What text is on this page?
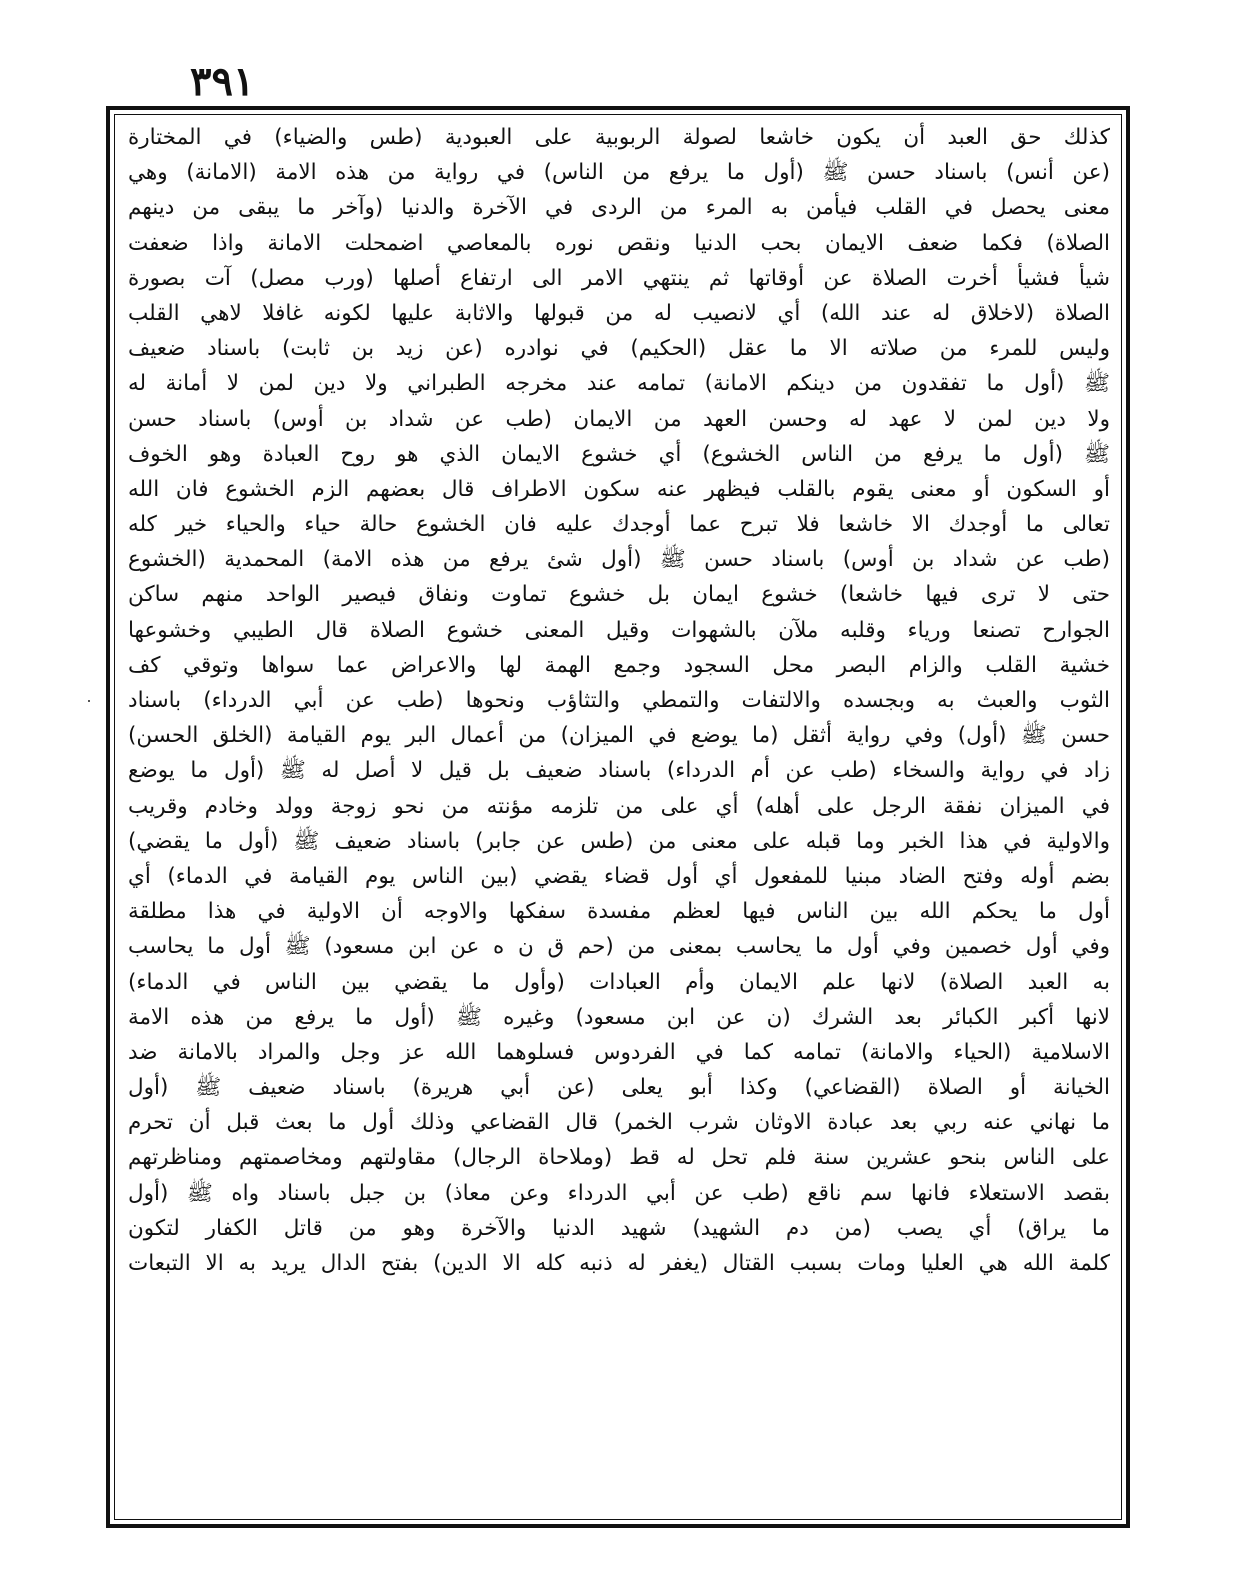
٣٩١
كذلك حق العبد أن يكون خاشعا لصولة الربوبية على العبودية (طس والضياء) في المختارة
(عن أنس) باسناد حسن ﷺ (أول ما يرفع من الناس) في رواية من هذه الامة (الامانة) وهي
معنى يحصل في القلب فيأمن به المرء من الردى في الآخرة والدنيا (وآخر ما يبقى من دينهم
الصلاة) فكما ضعف الايمان بحب الدنيا ونقص نوره بالمعاصي اضمحلت الامانة واذا ضعفت
شيأ فشيأ أخرت الصلاة عن أوقاتها ثم ينتهي الامر الى ارتفاع أصلها (ورب مصل) آت بصورة
الصلاة (لاخلاق له عند الله) أي لانصيب له من قبولها والاثابة عليها لكونه غافلا لاهي القلب
وليس للمرء من صلاته الا ما عقل (الحكيم) في نوادره (عن زيد بن ثابت) باسناد ضعيف
ﷺ (أول ما تفقدون من دينكم الامانة) تمامه عند مخرجه الطبراني ولا دين لمن لا أمانة له
ولا دين لمن لا عهد له وحسن العهد من الايمان (طب عن شداد بن أوس) باسناد حسن
ﷺ (أول ما يرفع من الناس الخشوع) أي خشوع الايمان الذي هو روح العبادة وهو الخوف
أو السكون أو معنى يقوم بالقلب فيظهر عنه سكون الاطراف قال بعضهم الزم الخشوع فان الله
تعالى ما أوجدك الا خاشعا فلا تبرح عما أوجدك عليه فان الخشوع حالة حياء والحياء خير كله
(طب عن شداد بن أوس) باسناد حسن ﷺ (أول شئ يرفع من هذه الامة) المحمدية (الخشوع
حتى لا ترى فيها خاشعا) خشوع ايمان بل خشوع تماوت ونفاق فيصير الواحد منهم ساكن
الجوارح تصنعا ورياء وقلبه ملآن بالشهوات وقيل المعنى خشوع الصلاة قال الطيبي وخشوعها
خشية القلب والزام البصر محل السجود وجمع الهمة لها والاعراض عما سواها وتوقي كف
الثوب والعبث به وبجسده والالتفات والتمطي والتثاؤب ونحوها (طب عن أبي الدرداء) باسناد
حسن ﷺ (أول) وفي رواية أثقل (ما يوضع في الميزان) من أعمال البر يوم القيامة (الخلق الحسن)
زاد في رواية والسخاء (طب عن أم الدرداء) باسناد ضعيف بل قيل لا أصل له ﷺ (أول ما يوضع
في الميزان نفقة الرجل على أهله) أي على من تلزمه مؤنته من نحو زوجة وولد وخادم وقريب
والاولية في هذا الخبر وما قبله على معنى من (طس عن جابر) باسناد ضعيف ﷺ (أول ما يقضي)
بضم أوله وفتح الضاد مبنيا للمفعول أي أول قضاء يقضي (بين الناس يوم القيامة في الدماء) أي
أول ما يحكم الله بين الناس فيها لعظم مفسدة سفكها والاوجه أن الاولية في هذا مطلقة
وفي أول خصمين وفي أول ما يحاسب بمعنى من (حم ق ن ه عن ابن مسعود) ﷺ أول ما يحاسب
به العبد الصلاة) لانها علم الايمان وأم العبادات (وأول ما يقضي بين الناس في الدماء)
لانها أكبر الكبائر بعد الشرك (ن عن ابن مسعود) وغيره ﷺ (أول ما يرفع من هذه الامة
الاسلامية (الحياء والامانة) تمامه كما في الفردوس فسلوهما الله عز وجل والمراد بالامانة ضد
الخيانة أو الصلاة (القضاعي) وكذا أبو يعلى (عن أبي هريرة) باسناد ضعيف ﷺ (أول
ما نهاني عنه ربي بعد عبادة الاوثان شرب الخمر) قال القضاعي وذلك أول ما بعث قبل أن تحرم
على الناس بنحو عشرين سنة فلم تحل له قط (وملاحاة الرجال) مقاولتهم ومخاصمتهم ومناظرتهم
بقصد الاستعلاء فانها سم ناقع (طب عن أبي الدرداء وعن معاذ) بن جبل باسناد واه ﷺ (أول
ما يراق) أي يصب (من دم الشهيد) شهيد الدنيا والآخرة وهو من قاتل الكفار لتكون
كلمة الله هي العليا ومات بسبب القتال (يغفر له ذنبه كله الا الدين) بفتح الدال يريد به الا التبعات
